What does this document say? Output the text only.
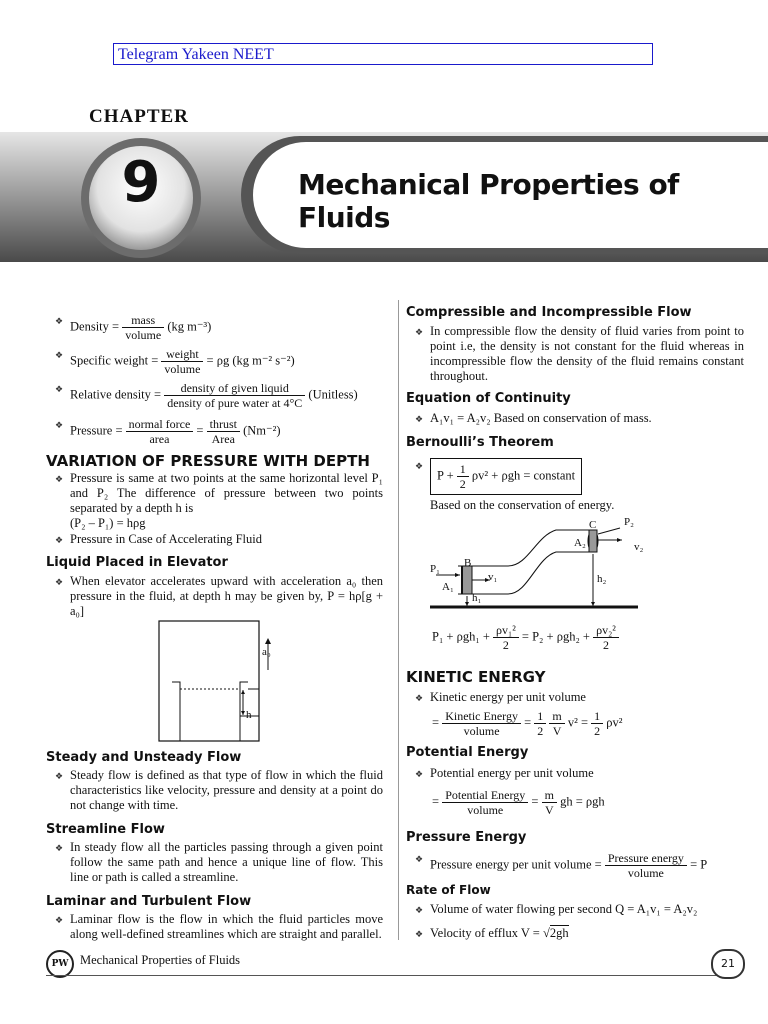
Telegram Yakeen NEET
CHAPTER
9	Mechanical Properties of Fluids
❖ Density = $\frac{\text{mass}}{\text{volume}} (kg$ m⁻³)
❖ Specific weight = $\frac{\text{weight}}{\text{volume}} = \rho g$ (kg m⁻² s⁻²)
❖ Relative density = $\frac{\text{density of given liquid}}{\text{density of pure water at 4°C}}$ (Unitless)
❖ Pressure = $\frac{\text{normal force}}{\text{area}} = \frac{\text{thrust}}{\text{Area}} (Nm^{-2})$
VARIATION OF PRESSURE WITH DEPTH
❖ Pressure is same at two points at the same horizontal level P₁ and P₂ The difference of pressure between two points separated by a depth h is
(P₂ – P₁) = hρg
❖ Pressure in Case of Accelerating Fluid
Liquid Placed in Elevator
❖ When elevator accelerates upward with acceleration a₀ then pressure in the fluid, at depth h may be given by, P = hρ[g + a₀]
a₀
h
Steady and Unsteady Flow
❖ Steady flow is defined as that type of flow in which the fluid characteristics like velocity, pressure and density at a point do not change with time.
Streamline Flow
❖ In steady flow all the particles passing through a given point follow the same path and hence a unique line of flow. This line or path is called a streamline.
Laminar and Turbulent Flow
❖ Laminar flow is the flow in which the fluid particles move along well-defined streamlines which are straight and parallel.
Compressible and Incompressible Flow
❖ In compressible flow the density of fluid varies from point to point i.e, the density is not constant for the fluid whereas in incompressible flow the density of the fluid remains constant throughout.
Equation of Continuity
❖ A₁v₁ = A₂v₂ Based on conservation of mass.
Bernoulli’s Theorem
❖ $P + \frac{1}{2} \rho v^2 + \rho gh$ = constant
Based on the conservation of energy.
C	P₂
A₂	v₂
h₂
P₁ B
A₁
v₁
h₁
$P_1 + \rho gh_1 + \frac{\text{ρv₁²}}{2} = P_2 + \rho gh_2 + \frac{\text{ρv₂²}}{2}$
KINETIC ENERGY
❖ Kinetic energy per unit volume
= $\frac{\text{Kinetic Energy}}{\text{volume}} = \frac{1}{2}$
$\frac{m}{V} v^2 = \frac{1}{2} \rho v^2$
Potential Energy
❖ Potential energy per unit volume
= $\frac{\text{Potential Energy}}{\text{volume}} = \frac{m}{V}$ gh = ρgh
Pressure Energy
❖ Pressure energy per unit volume = $\frac{\text{Pressure energy}}{\text{volume}} = P$
Rate of Flow
❖ Volume of water flowing per second Q = A₁v₁ = A₂v₂
❖ Velocity of efflux V = √2gh
PW Mechanical Properties of Fluids	21
